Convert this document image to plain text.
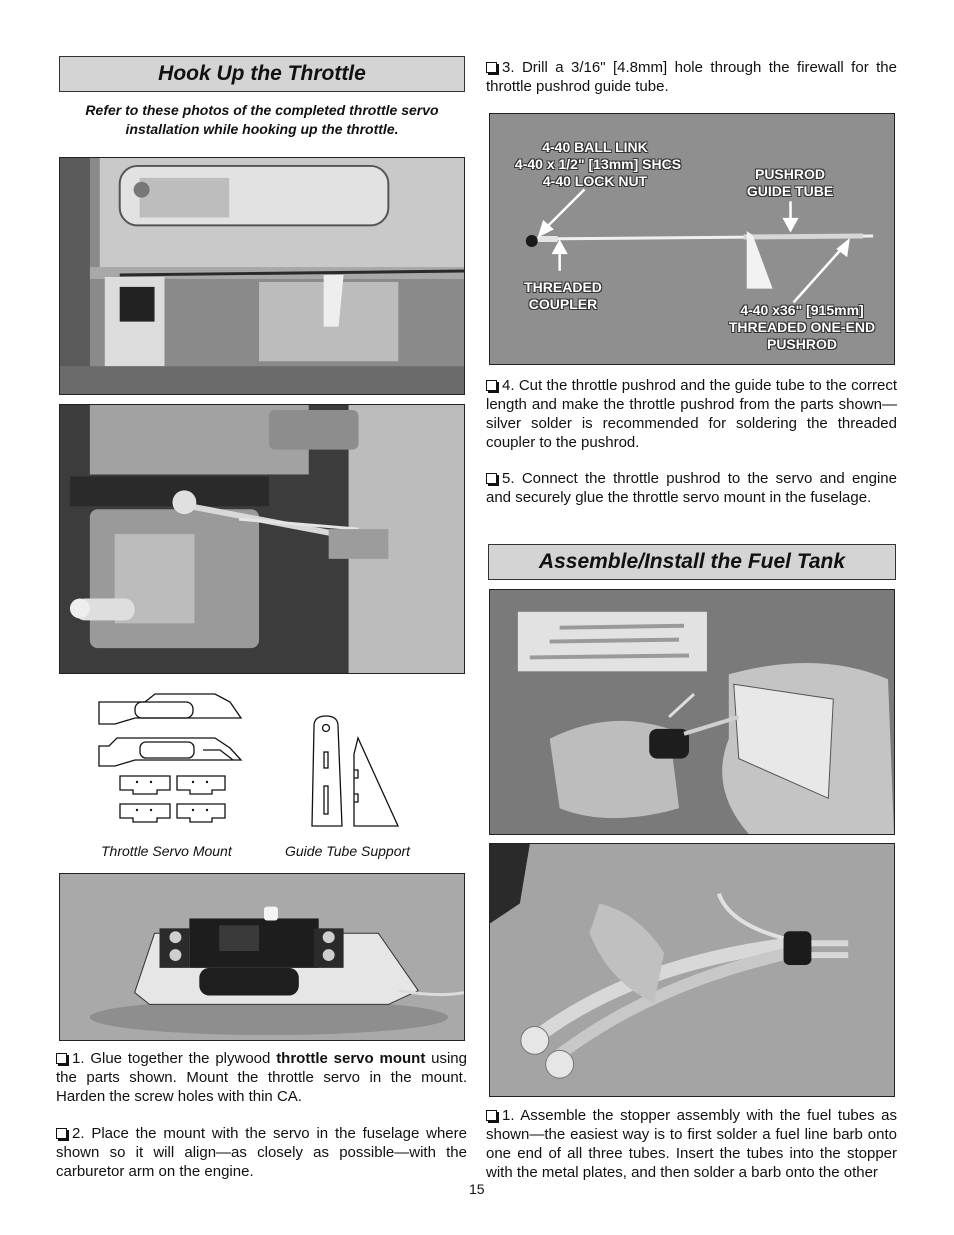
Hook Up the Throttle
Refer to these photos of the completed throttle servo installation while hooking up the throttle.
Throttle Servo Mount	Guide Tube Support

1. Glue together the plywood throttle servo mount using the parts shown. Mount the throttle servo in the mount. Harden the screw holes with thin CA.

2. Place the mount with the servo in the fuselage where shown so it will align—as closely as possible—with the carburetor arm on the engine.

3. Drill a 3/16" [4.8mm] hole through the firewall for the throttle pushrod guide tube.

4-40 BALL LINK
4-40 x 1/2" [13mm] SHCS
4-40 LOCK NUT	PUSHROD
GUIDE TUBE
THREADED
COUPLER	4-40 x36" [915mm]
THREADED ONE-END
PUSHROD

4. Cut the throttle pushrod and the guide tube to the correct length and make the throttle pushrod from the parts shown—silver solder is recommended for soldering the threaded coupler to the pushrod.

5. Connect the throttle pushrod to the servo and engine and securely glue the throttle servo mount in the fuselage.

Assemble/Install the Fuel Tank

1. Assemble the stopper assembly with the fuel tubes as shown—the easiest way is to first solder a fuel line barb onto one end of all three tubes. Insert the tubes into the stopper with the metal plates, and then solder a barb onto the other

15
